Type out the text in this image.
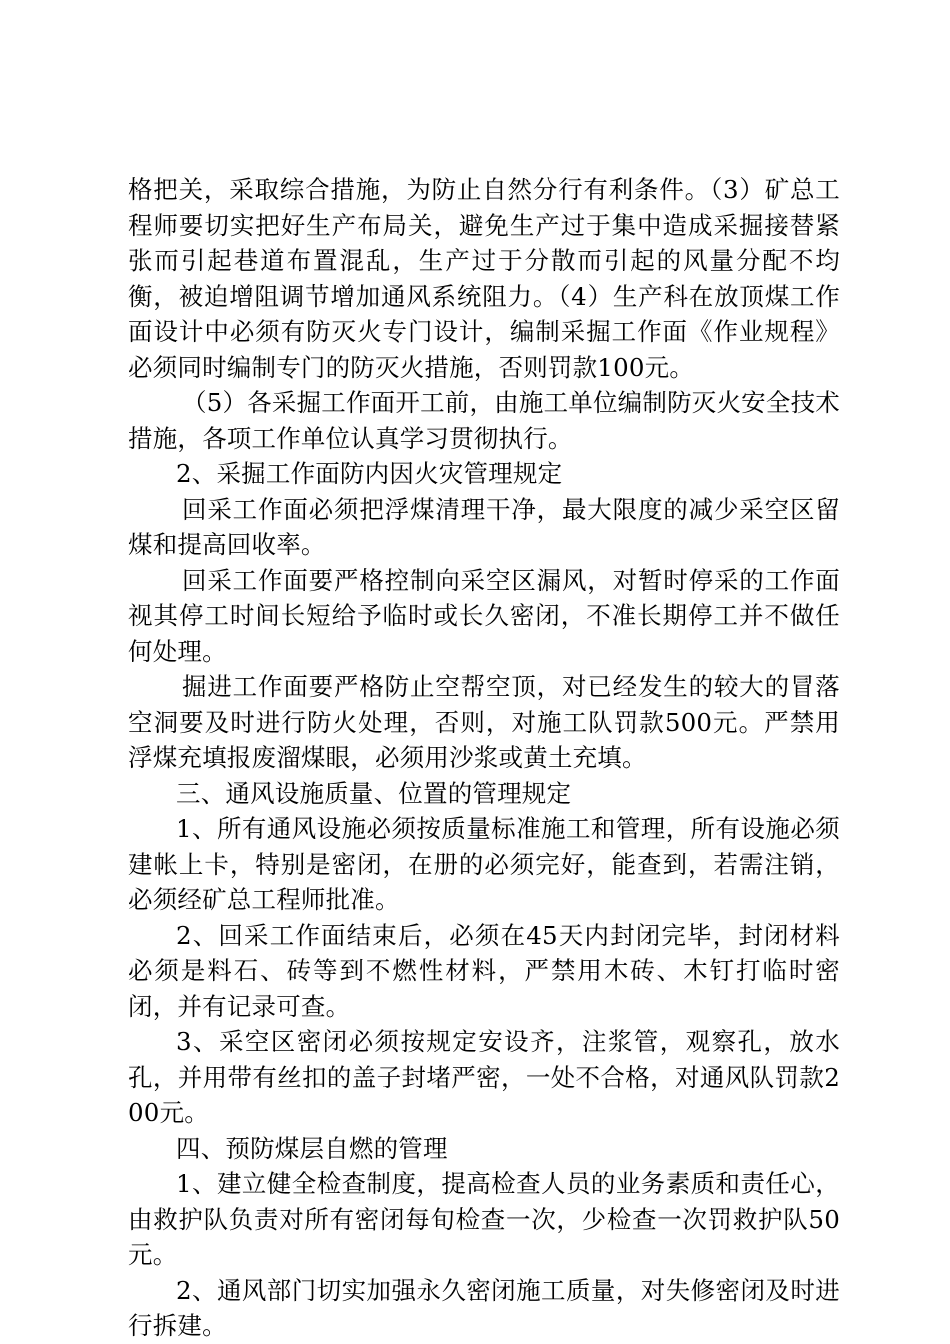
格把关，采取综合措施，为防止自然分行有利条件。（3）矿总工程师要切实把好生产布局关，避免生产过于集中造成采掘接替紧张而引起巷道布置混乱，生产过于分散而引起的风量分配不均衡，被迫增阻调节增加通风系统阻力。（4）生产科在放顶煤工作面设计中必须有防灭火专门设计，编制采掘工作面《作业规程》必须同时编制专门的防灭火措施，否则罚款100元。

（5）各采掘工作面开工前，由施工单位编制防灭火安全技术措施，各项工作单位认真学习贯彻执行。

2、采掘工作面防内因火灾管理规定

回采工作面必须把浮煤清理干净，最大限度的减少采空区留煤和提高回收率。

回采工作面要严格控制向采空区漏风，对暂时停采的工作面视其停工时间长短给予临时或长久密闭，不准长期停工并不做任何处理。

掘进工作面要严格防止空帮空顶，对已经发生的较大的冒落空洞要及时进行防火处理，否则，对施工队罚款500元。严禁用浮煤充填报废溜煤眼，必须用沙浆或黄土充填。

三、通风设施质量、位置的管理规定

1、所有通风设施必须按质量标准施工和管理，所有设施必须建帐上卡，特别是密闭，在册的必须完好，能查到，若需注销，必须经矿总工程师批准。

2、回采工作面结束后，必须在45天内封闭完毕，封闭材料必须是料石、砖等到不燃性材料，严禁用木砖、木钉打临时密闭，并有记录可查。

3、采空区密闭必须按规定安设齐，注浆管，观察孔，放水孔，并用带有丝扣的盖子封堵严密，一处不合格，对通风队罚款200元。

四、预防煤层自燃的管理

1、建立健全检查制度，提高检查人员的业务素质和责任心，由救护队负责对所有密闭每旬检查一次，少检查一次罚救护队50元。

2、通风部门切实加强永久密闭施工质量，对失修密闭及时进行拆建。
